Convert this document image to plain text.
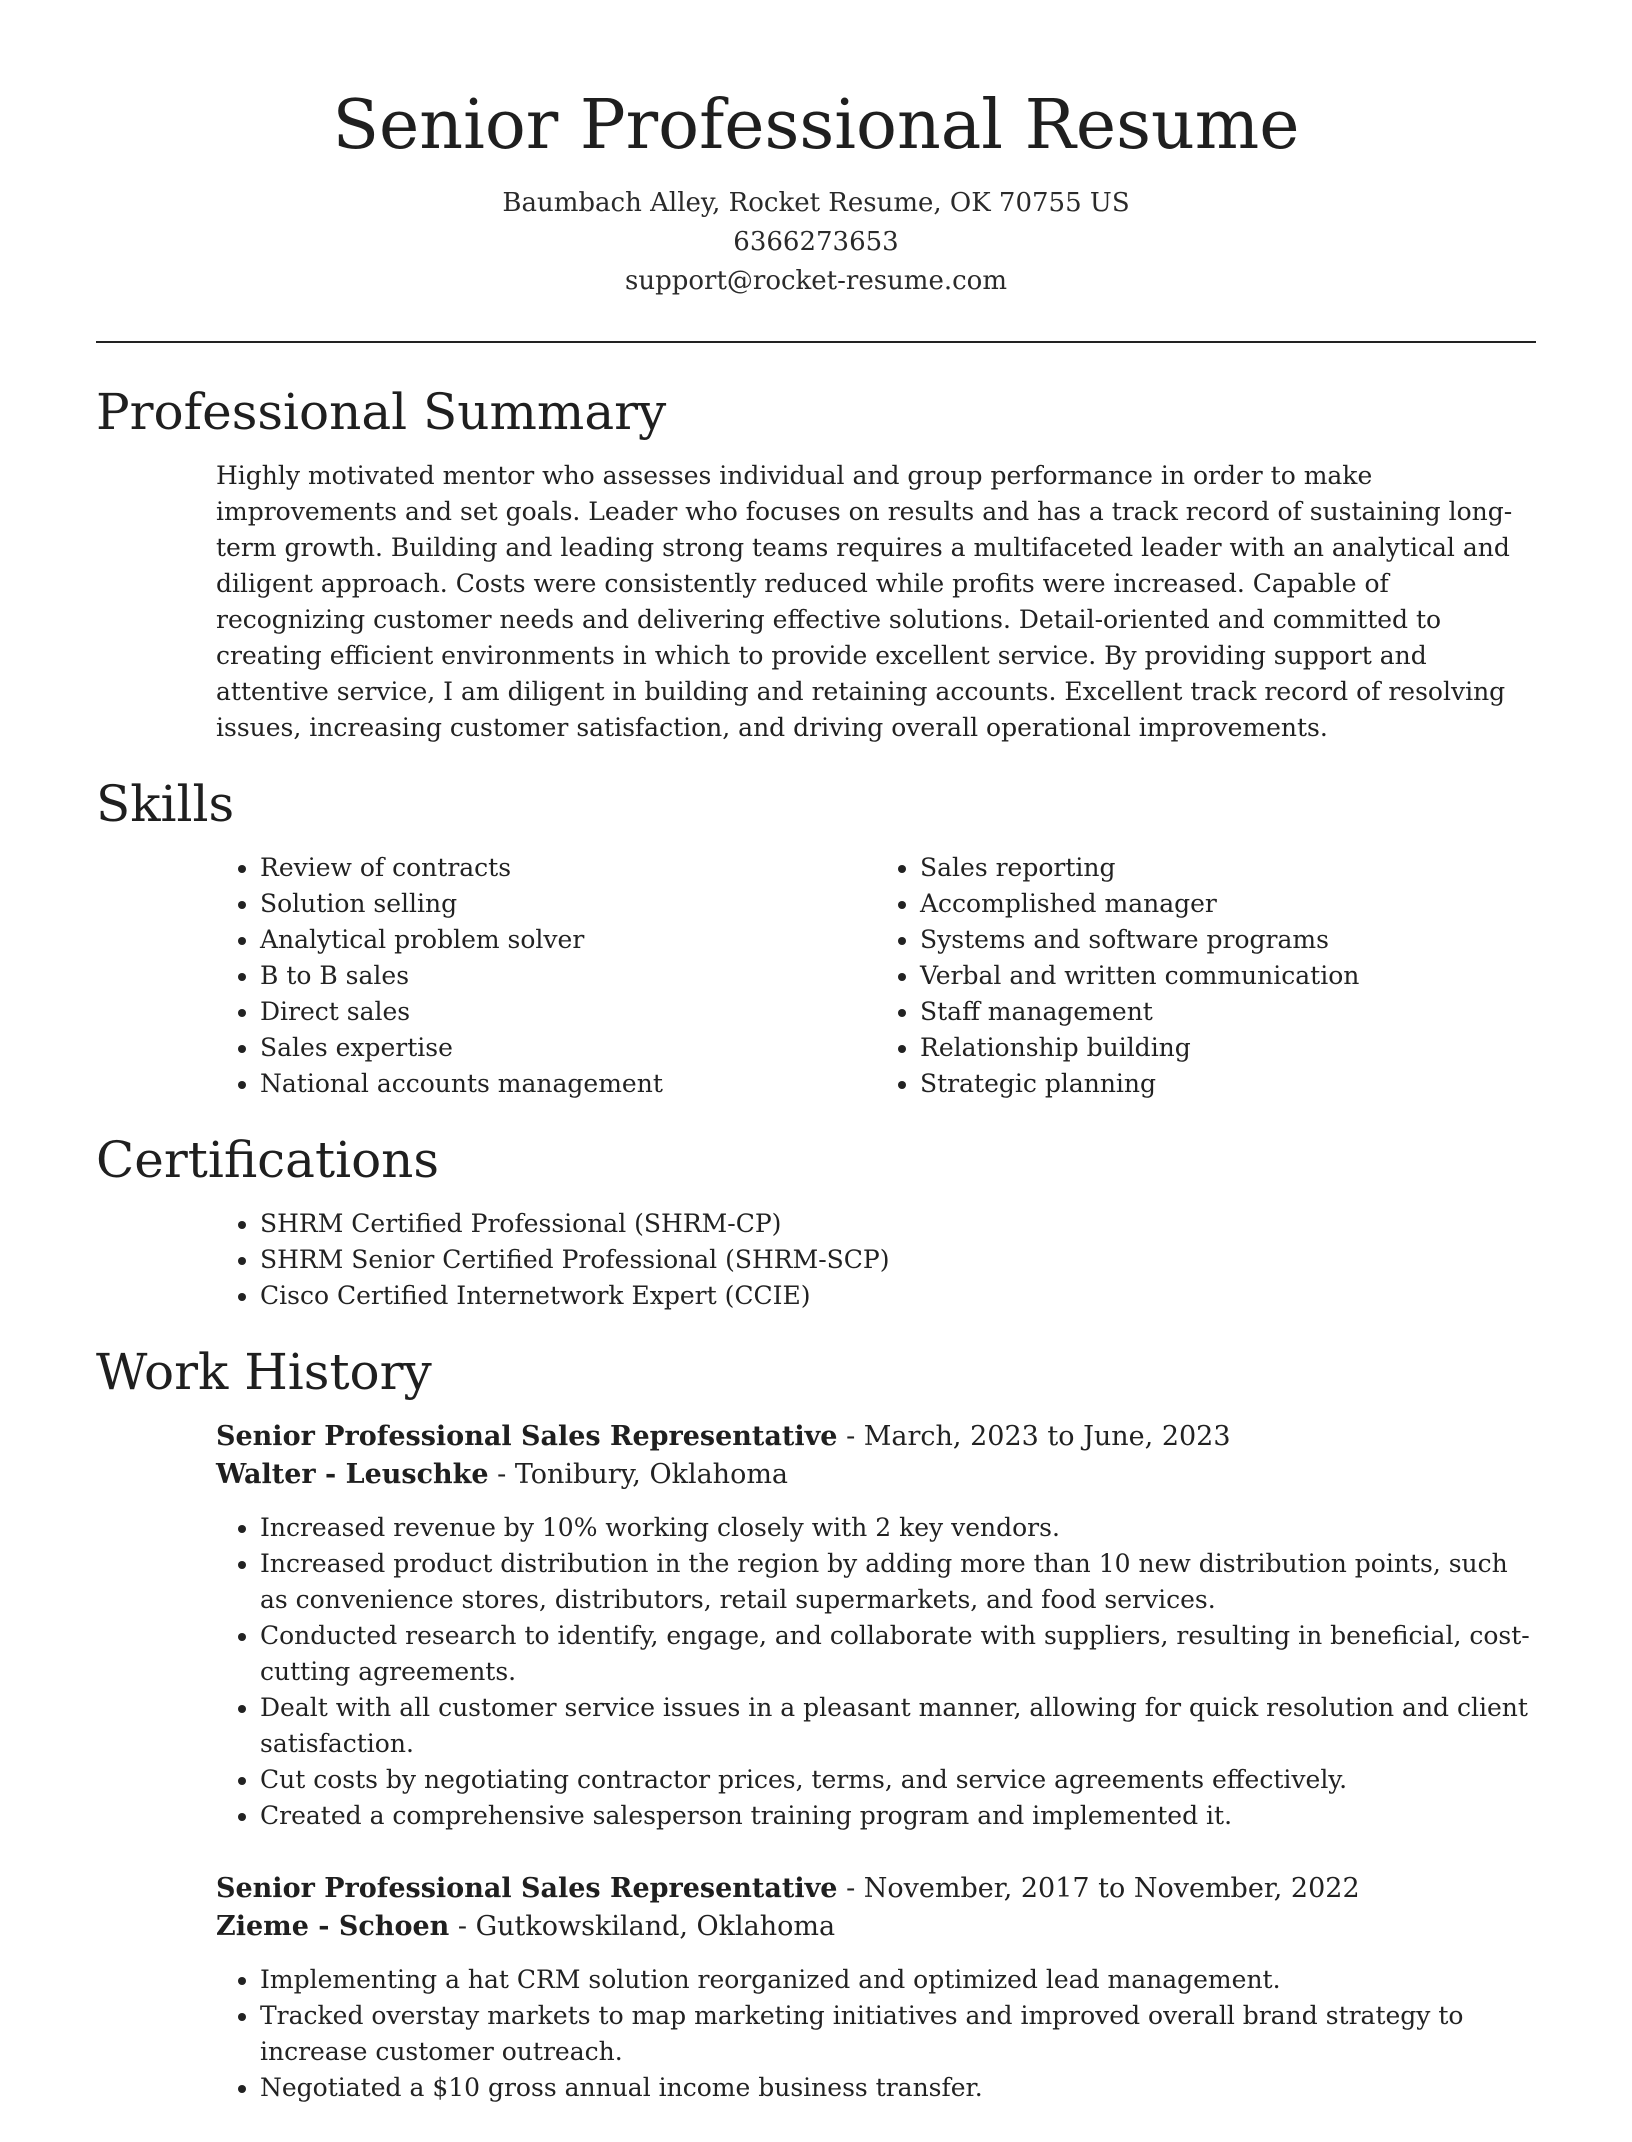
Senior Professional Resume
Baumbach Alley, Rocket Resume, OK 70755 US
6366273653
support@rocket-resume.com
Professional Summary
Highly motivated mentor who assesses individual and group performance in order to make improvements and set goals. Leader who focuses on results and has a track record of sustaining long-term growth. Building and leading strong teams requires a multifaceted leader with an analytical and diligent approach. Costs were consistently reduced while profits were increased. Capable of recognizing customer needs and delivering effective solutions. Detail-oriented and committed to creating efficient environments in which to provide excellent service. By providing support and attentive service, I am diligent in building and retaining accounts. Excellent track record of resolving issues, increasing customer satisfaction, and driving overall operational improvements.
Skills
• Review of contracts
• Solution selling
• Analytical problem solver
• B to B sales
• Direct sales
• Sales expertise
• National accounts management
• Sales reporting
• Accomplished manager
• Systems and software programs
• Verbal and written communication
• Staff management
• Relationship building
• Strategic planning
Certifications
• SHRM Certified Professional (SHRM-CP)
• SHRM Senior Certified Professional (SHRM-SCP)
• Cisco Certified Internetwork Expert (CCIE)
Work History
Senior Professional Sales Representative - March, 2023 to June, 2023
Walter - Leuschke - Tonibury, Oklahoma
• Increased revenue by 10% working closely with 2 key vendors.
• Increased product distribution in the region by adding more than 10 new distribution points, such as convenience stores, distributors, retail supermarkets, and food services.
• Conducted research to identify, engage, and collaborate with suppliers, resulting in beneficial, cost-cutting agreements.
• Dealt with all customer service issues in a pleasant manner, allowing for quick resolution and client satisfaction.
• Cut costs by negotiating contractor prices, terms, and service agreements effectively.
• Created a comprehensive salesperson training program and implemented it.
Senior Professional Sales Representative - November, 2017 to November, 2022
Zieme - Schoen - Gutkowskiland, Oklahoma
• Implementing a hat CRM solution reorganized and optimized lead management.
• Tracked overstay markets to map marketing initiatives and improved overall brand strategy to increase customer outreach.
• Negotiated a $10 gross annual income business transfer.
